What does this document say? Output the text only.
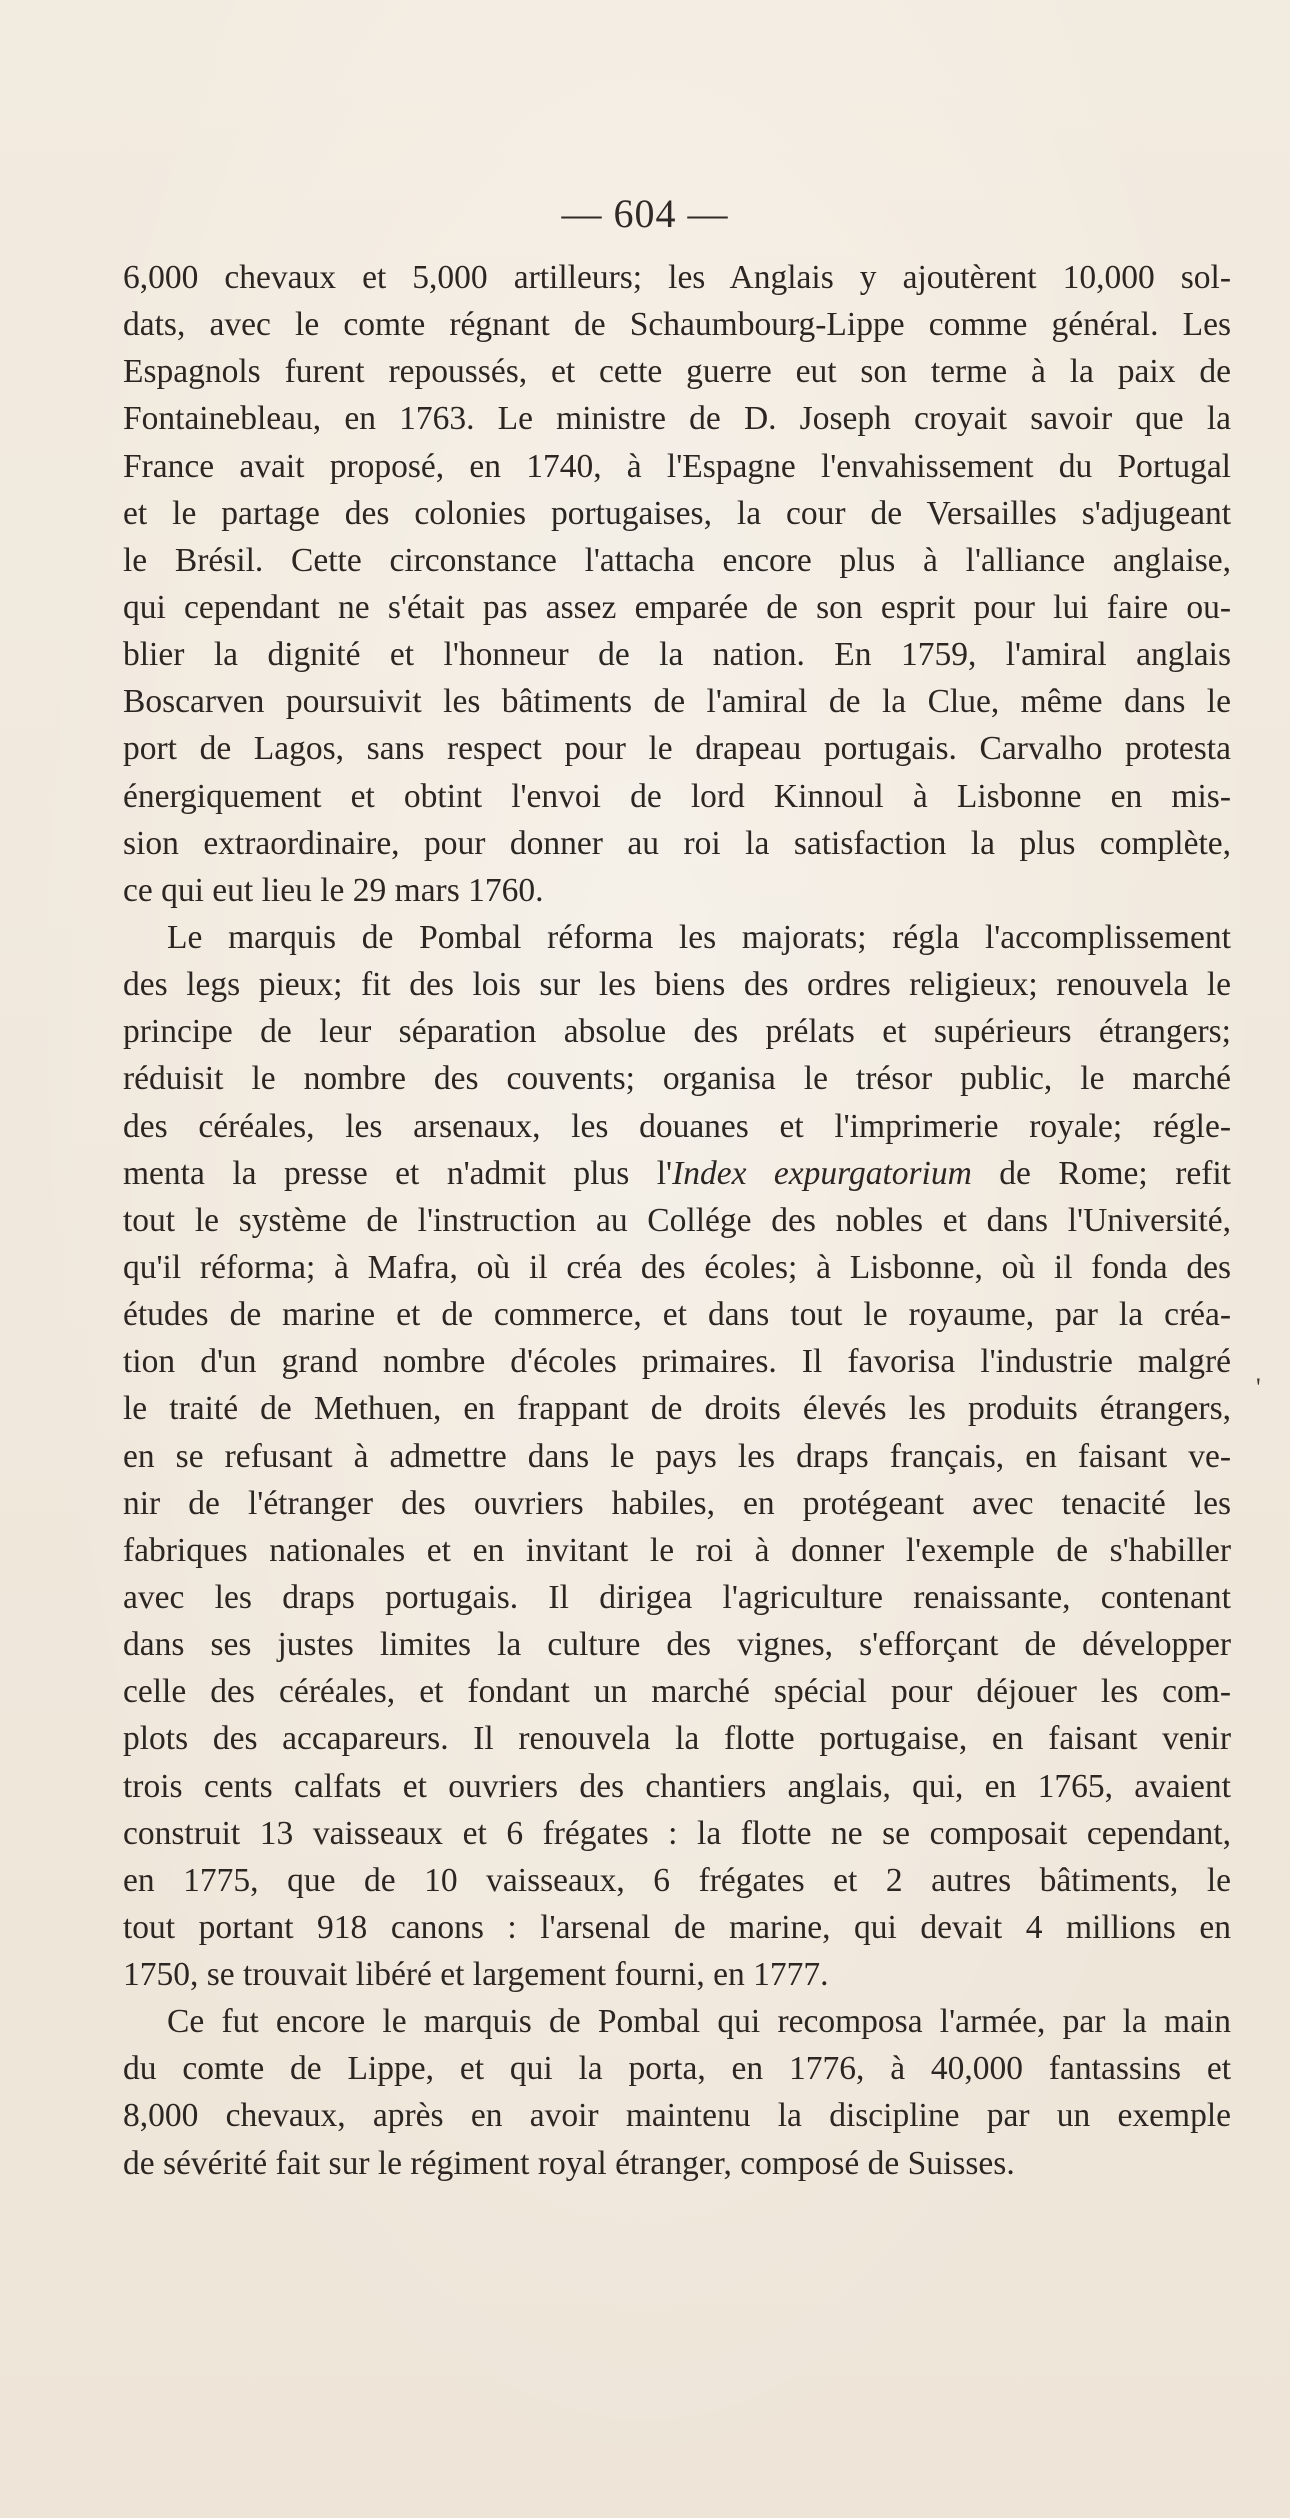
— 604 —
6,000 chevaux et 5,000 artilleurs; les Anglais y ajoutèrent 10,000 sol-
dats, avec le comte régnant de Schaumbourg-Lippe comme général. Les
Espagnols furent repoussés, et cette guerre eut son terme à la paix de
Fontainebleau, en 1763. Le ministre de D. Joseph croyait savoir que la
France avait proposé, en 1740, à l'Espagne l'envahissement du Portugal
et le partage des colonies portugaises, la cour de Versailles s'adjugeant
le Brésil. Cette circonstance l'attacha encore plus à l'alliance anglaise,
qui cependant ne s'était pas assez emparée de son esprit pour lui faire ou-
blier la dignité et l'honneur de la nation. En 1759, l'amiral anglais
Boscarven poursuivit les bâtiments de l'amiral de la Clue, même dans le
port de Lagos, sans respect pour le drapeau portugais. Carvalho protesta
énergiquement et obtint l'envoi de lord Kinnoul à Lisbonne en mis-
sion extraordinaire, pour donner au roi la satisfaction la plus complète,
ce qui eut lieu le 29 mars 1760.
Le marquis de Pombal réforma les majorats; régla l'accomplissement
des legs pieux; fit des lois sur les biens des ordres religieux; renouvela le
principe de leur séparation absolue des prélats et supérieurs étrangers;
réduisit le nombre des couvents; organisa le trésor public, le marché
des céréales, les arsenaux, les douanes et l'imprimerie royale; régle-
menta la presse et n'admit plus l'Index expurgatorium de Rome; refit
tout le système de l'instruction au Collége des nobles et dans l'Université,
qu'il réforma; à Mafra, où il créa des écoles; à Lisbonne, où il fonda des
études de marine et de commerce, et dans tout le royaume, par la créa-
tion d'un grand nombre d'écoles primaires. Il favorisa l'industrie malgré
le traité de Methuen, en frappant de droits élevés les produits étrangers,
en se refusant à admettre dans le pays les draps français, en faisant ve-
nir de l'étranger des ouvriers habiles, en protégeant avec tenacité les
fabriques nationales et en invitant le roi à donner l'exemple de s'habiller
avec les draps portugais. Il dirigea l'agriculture renaissante, contenant
dans ses justes limites la culture des vignes, s'efforçant de développer
celle des céréales, et fondant un marché spécial pour déjouer les com-
plots des accapareurs. Il renouvela la flotte portugaise, en faisant venir
trois cents calfats et ouvriers des chantiers anglais, qui, en 1765, avaient
construit 13 vaisseaux et 6 frégates : la flotte ne se composait cependant,
en 1775, que de 10 vaisseaux, 6 frégates et 2 autres bâtiments, le
tout portant 918 canons : l'arsenal de marine, qui devait 4 millions en
1750, se trouvait libéré et largement fourni, en 1777.
Ce fut encore le marquis de Pombal qui recomposa l'armée, par la main
du comte de Lippe, et qui la porta, en 1776, à 40,000 fantassins et
8,000 chevaux, après en avoir maintenu la discipline par un exemple
de sévérité fait sur le régiment royal étranger, composé de Suisses.
'
